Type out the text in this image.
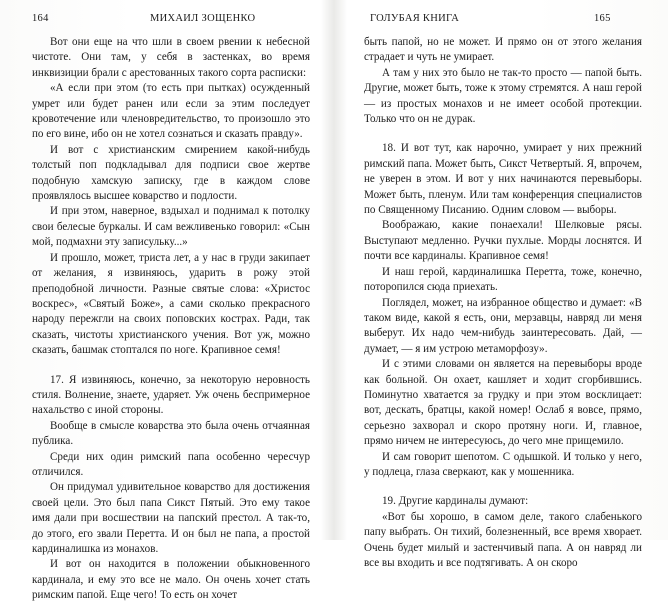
164	МИХАИЛ ЗОЩЕНКО

Вот они еще на что шли в своем рвении к небесной чистоте. Они там, у себя в застенках, во время инквизиции брали с арестованных такого сорта расписки:

«А если при этом (то есть при пытках) осужденный умрет или будет ранен или если за этим последует кровотечение или членовредительство, то произошло это по его вине, ибо он не хотел сознаться и сказать правду».

И вот с христианским смирением какой-нибудь толстый поп подкладывал для подписи свое жертве подобную хамскую записку, где в каждом слове проявлялось высшее коварство и подлости.

И при этом, наверное, вздыхал и поднимал к потолку свои белесые буркалы. И сам вежливенько говорил: «Сын мой, подмахни эту записульку...»

И прошло, может, триста лет, а у нас в груди закипает от желания, я извиняюсь, ударить в рожу этой преподобной личности. Разные святые слова: «Христос воскрес», «Святый Боже», а сами сколько прекрасного народу пережгли на своих поповских кострах. Ради, так сказать, чистоты христианского учения. Вот уж, можно сказать, башмак стоптался по ноге. Крапивное семя!

17. Я извиняюсь, конечно, за некоторую неровность стиля. Волнение, знаете, ударяет. Уж очень беспримерное нахальство с иной стороны.

Вообще в смысле коварства это была очень отчаянная публика.

Среди них один римский папа особенно чересчур отличился.

Он придумал удивительное коварство для достижения своей цели. Это был папа Сикст Пятый. Это ему такое имя дали при восшествии на папский престол. А так-то, до этого, его звали Перетта. И он был не папа, а простой кардиналишка из монахов.

И вот он находится в положении обыкновенного кардинала, и ему это все не мало. Он очень хочет стать римским папой. Еще чего! То есть он хочет

ГОЛУБАЯ КНИГА	165

быть папой, но не может. И прямо он от этого желания страдает и чуть не умирает.

А там у них это было не так-то просто — папой быть. Другие, может быть, тоже к этому стремятся. А наш герой — из простых монахов и не имеет особой протекции. Только что он не дурак.

18. И вот тут, как нарочно, умирает у них прежний римский папа. Может быть, Сикст Четвертый. Я, впрочем, не уверен в этом. И вот у них начинаются перевыборы. Может быть, пленум. Или там конференция специалистов по Священному Писанию. Одним словом — выборы.

Воображаю, какие понаехали! Шелковые рясы. Выступают медленно. Ручки пухлые. Морды лоснятся. И почти все кардиналы. Крапивное семя!

И наш герой, кардиналишка Перетта, тоже, конечно, поторопился сюда приехать.

Поглядел, может, на избранное общество и думает: «В таком виде, какой я есть, они, мерзавцы, навряд ли меня выберут. Их надо чем-нибудь заинтересовать. Дай, — думает, — я им устрою метаморфозу».

И с этими словами он является на перевыборы вроде как больной. Он охает, кашляет и ходит сгорбившись. Поминутно хватается за грудку и при этом восклицает: вот, дескать, братцы, какой номер! Ослаб я вовсе, прямо, серьезно захворал и скоро протяну ноги. И, главное, прямо ничем не интересуюсь, до чего мне прищемило.

И сам говорит шепотом. С одышкой. И только у него, у подлеца, глаза сверкают, как у мошенника.

19. Другие кардиналы думают:

«Вот бы хорошо, в самом деле, такого слабенького папу выбрать. Он тихий, болезненный, все время хворает. Очень будет милый и застенчивый папа. А он навряд ли все вы входить и все подтягивать. А он скоро
